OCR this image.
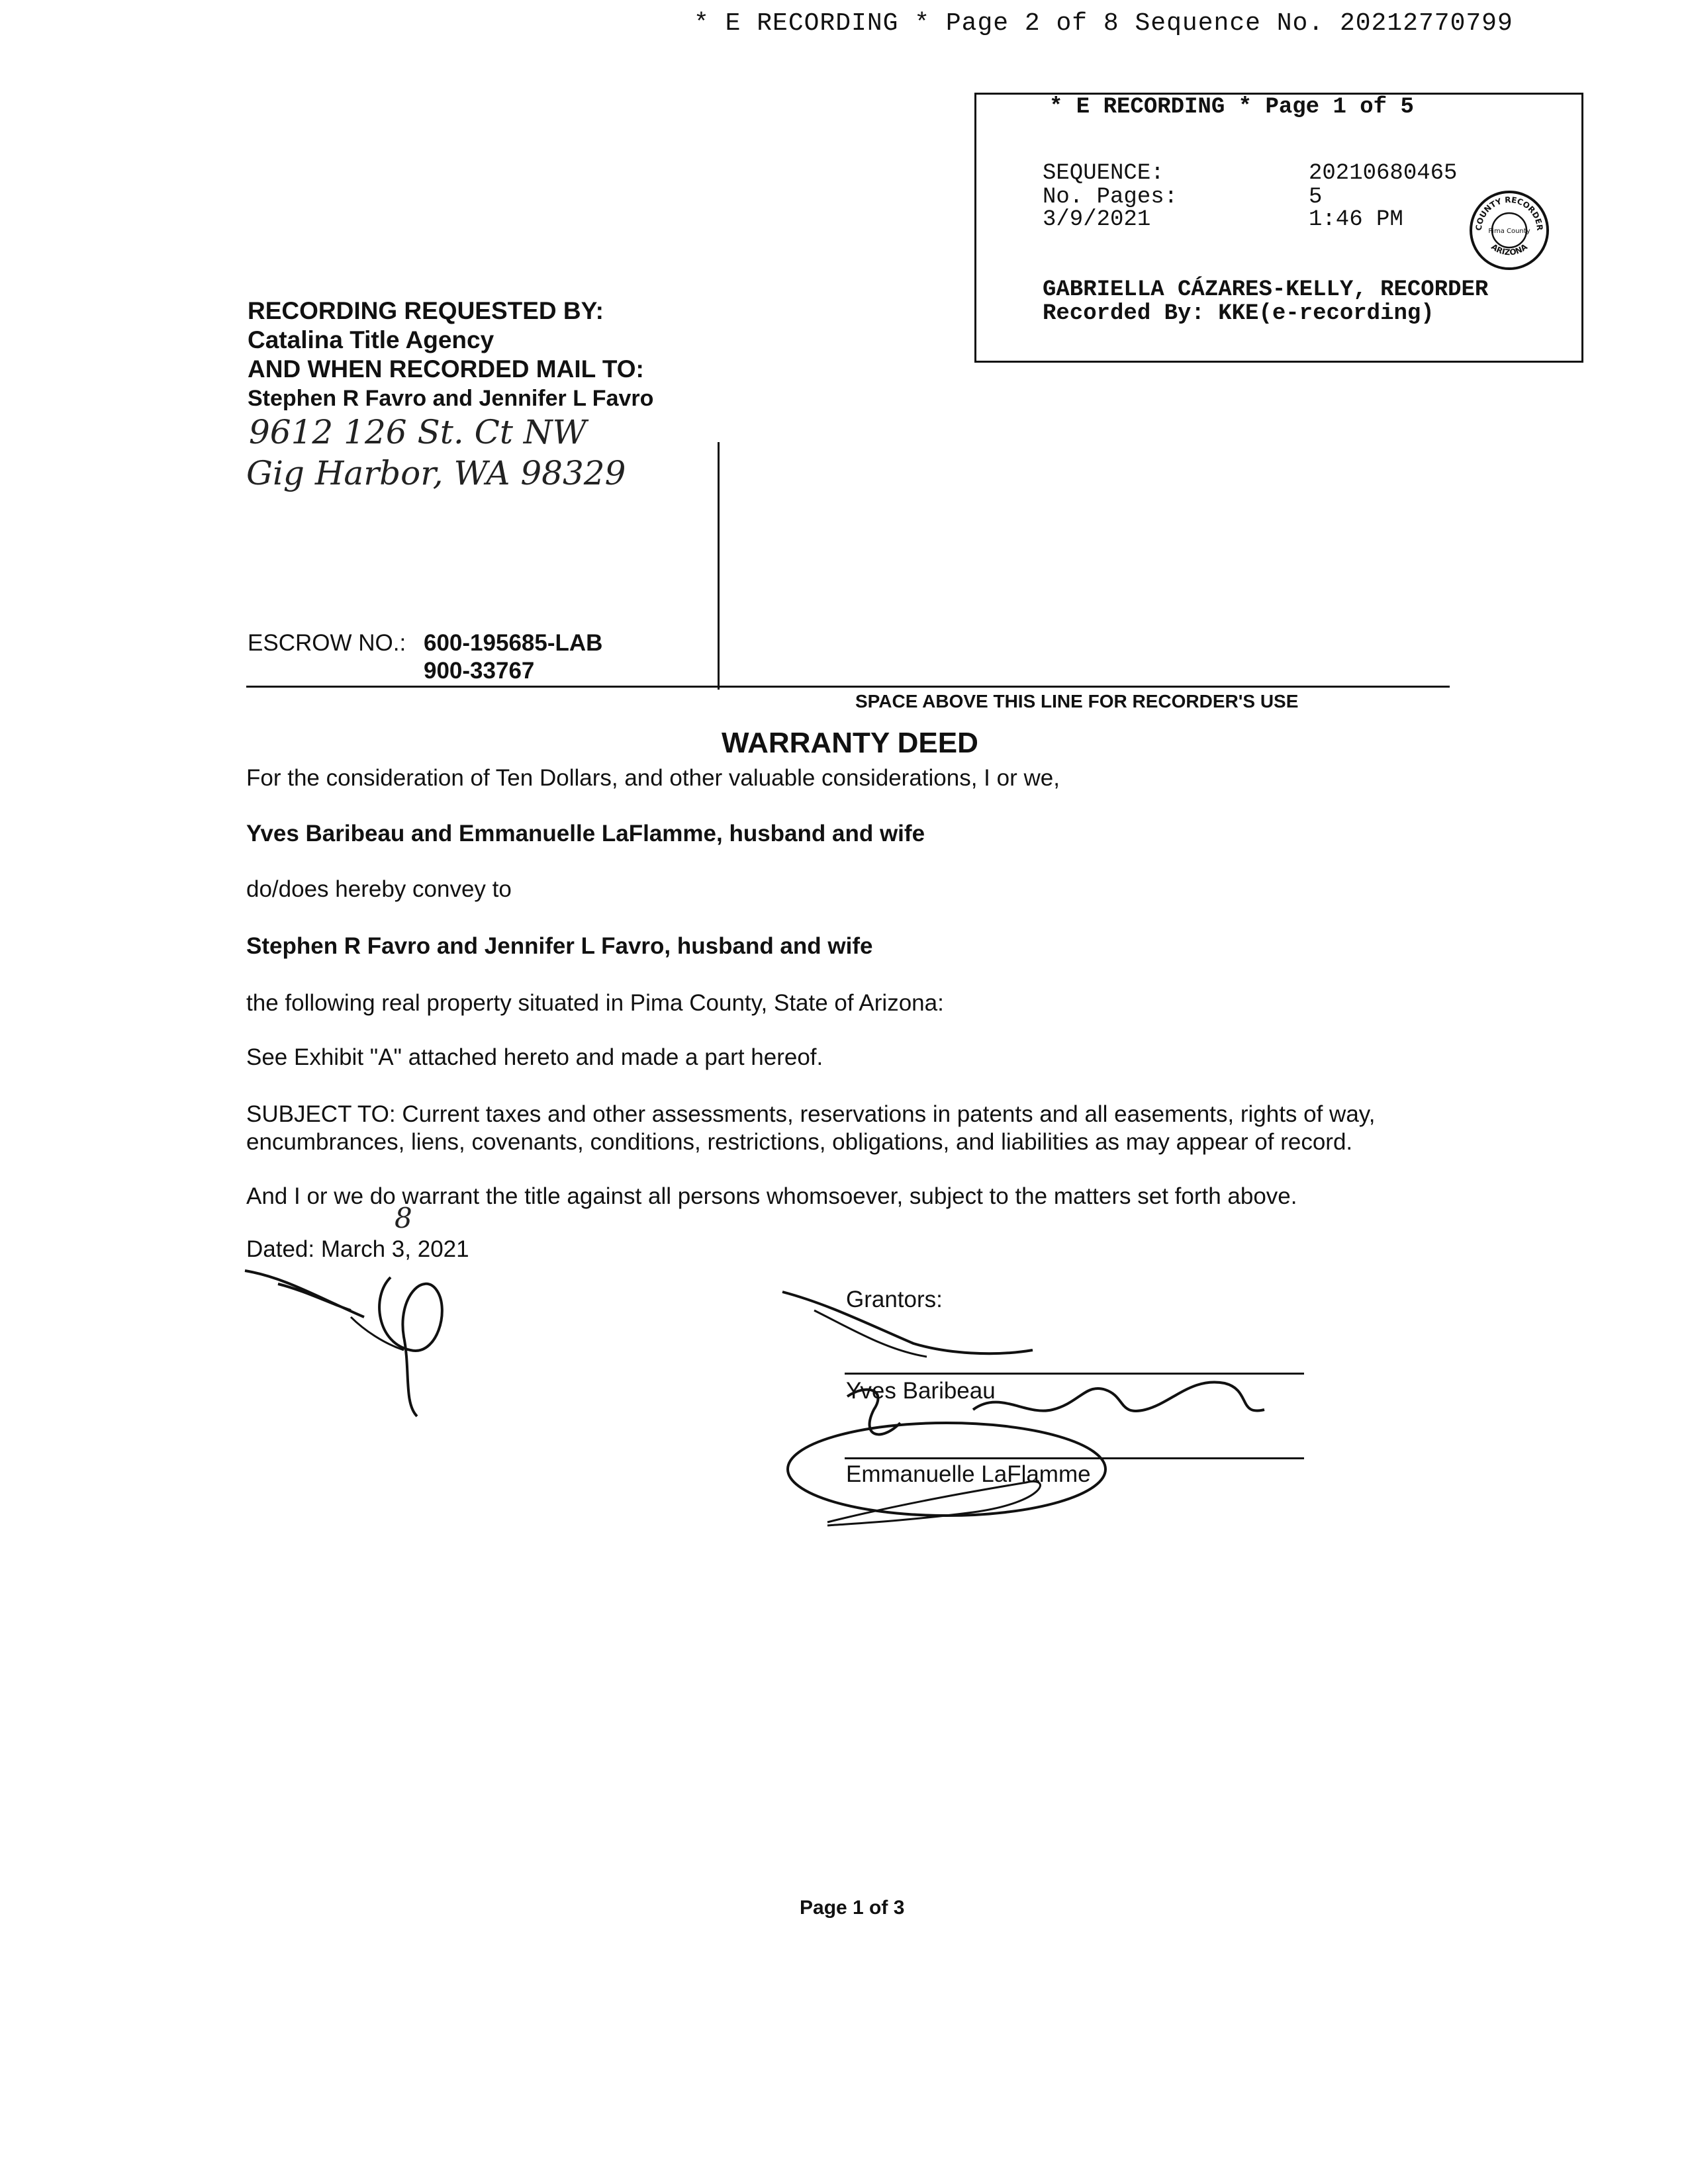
* E RECORDING * Page 2 of 8 Sequence No. 20212770799
* E RECORDING * Page 1 of 5
SEQUENCE:	20210680465
No. Pages:	5
3/9/2021	1:46 PM
GABRIELLA CÁZARES-KELLY, RECORDER
Recorded By: KKE(e-recording)
COUNTY RECORDER
ARIZONA
Pima County
RECORDING REQUESTED BY:
Catalina Title Agency
AND WHEN RECORDED MAIL TO:
Stephen R Favro and Jennifer L Favro
9612 126 St. Ct NW
Gig Harbor, WA 98329
ESCROW NO.: 600-195685-LAB
900-33767
SPACE ABOVE THIS LINE FOR RECORDER'S USE
WARRANTY DEED
For the consideration of Ten Dollars, and other valuable considerations, I or we,
Yves Baribeau and Emmanuelle LaFlamme, husband and wife
do/does hereby convey to
Stephen R Favro and Jennifer L Favro, husband and wife
the following real property situated in Pima County, State of Arizona:
See Exhibit "A" attached hereto and made a part hereof.
SUBJECT TO: Current taxes and other assessments, reservations in patents and all easements, rights of way,
encumbrances, liens, covenants, conditions, restrictions, obligations, and liabilities as may appear of record.
And I or we do warrant the title against all persons whomsoever, subject to the matters set forth above.
Dated: March 3, 2021
8
Grantors:
Yves Baribeau
Emmanuelle LaFlamme
Page 1 of 3
